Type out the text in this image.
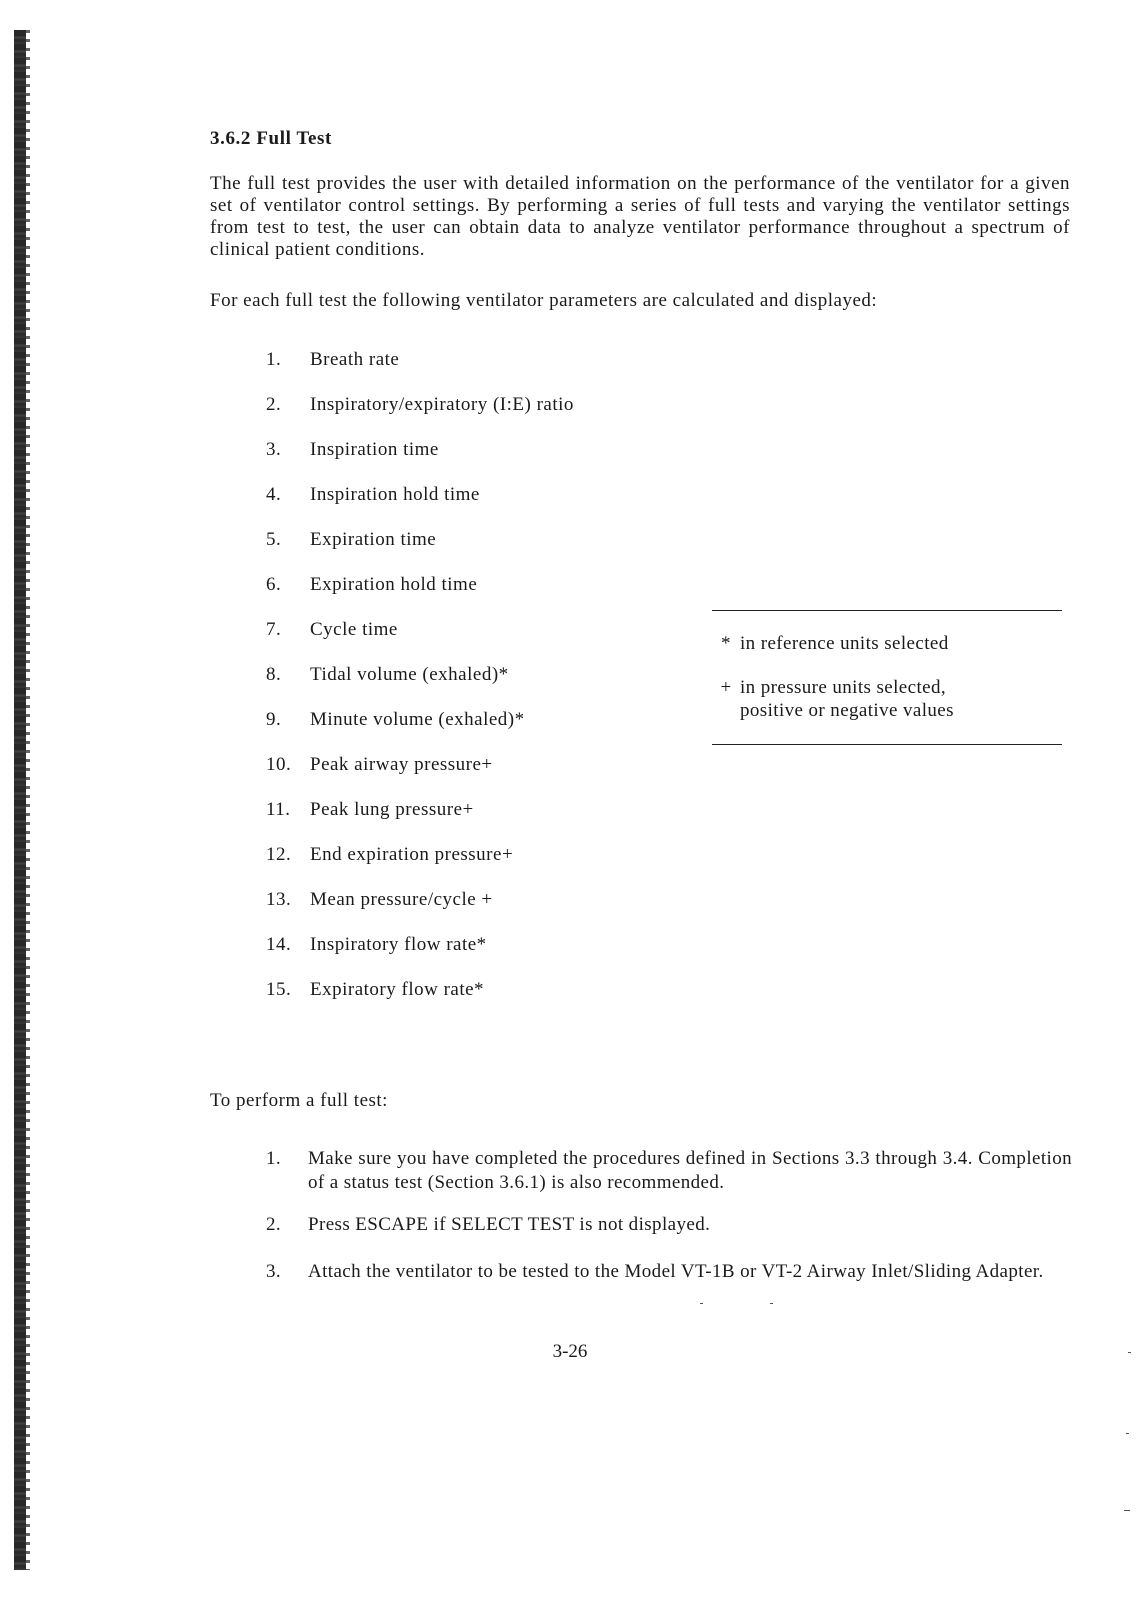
3.6.2 Full Test

The full test provides the user with detailed information on the performance of the ventilator for a given set of ventilator control settings. By performing a series of full tests and varying the ventilator settings from test to test, the user can obtain data to analyze ventilator performance throughout a spectrum of clinical patient conditions.

For each full test the following ventilator parameters are calculated and displayed:

1. Breath rate
2. Inspiratory/expiratory (I:E) ratio
3. Inspiration time
4. Inspiration hold time
5. Expiration time
6. Expiration hold time
7. Cycle time
8. Tidal volume (exhaled)*
9. Minute volume (exhaled)*
10. Peak airway pressure+
11. Peak lung pressure+
12. End expiration pressure+
13. Mean pressure/cycle +
14. Inspiratory flow rate*
15. Expiratory flow rate*
* in reference units selected
+ in pressure units selected, positive or negative values
To perform a full test:
1.	Make sure you have completed the procedures defined in Sections 3.3 through 3.4. Completion of a status test (Section 3.6.1) is also recommended.
2.	Press ESCAPE if SELECT TEST is not displayed.
3.	Attach the ventilator to be tested to the Model VT-1B or VT-2 Airway Inlet/Sliding Adapter.
3-26
